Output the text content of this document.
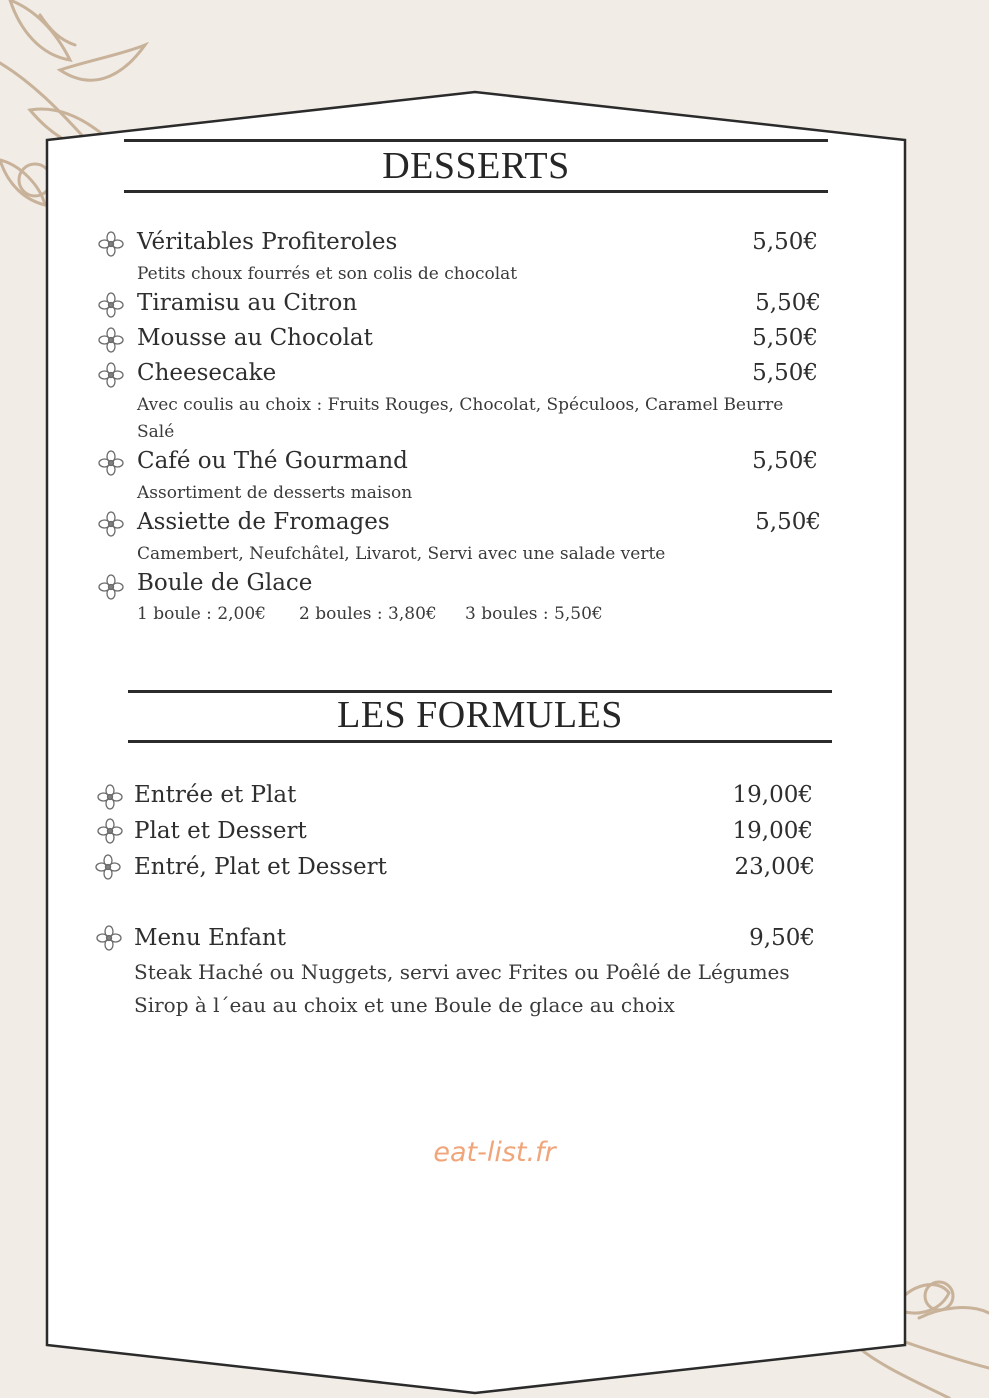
DESSERTS
Véritables Profiteroles	5,50€
Petits choux fourrés et son colis de chocolat
Tiramisu au Citron	5,50€
Mousse au Chocolat	5,50€
Cheesecake	5,50€
Avec coulis au choix : Fruits Rouges, Chocolat, Spéculoos, Caramel Beurre Salé
Café ou Thé Gourmand	5,50€
Assortiment de desserts maison
Assiette de Fromages	5,50€
Camembert, Neufchâtel, Livarot, Servi avec une salade verte
Boule de Glace
1 boule : 2,00€ 2 boules : 3,80€ 3 boules : 5,50€
LES FORMULES
Entrée et Plat	19,00€
Plat et Dessert	19,00€
Entré, Plat et Dessert	23,00€
Menu Enfant	9,50€
Steak Haché ou Nuggets, servi avec Frites ou Poêlé de Légumes
Sirop à l´eau au choix et une Boule de glace au choix
eat-list.fr
